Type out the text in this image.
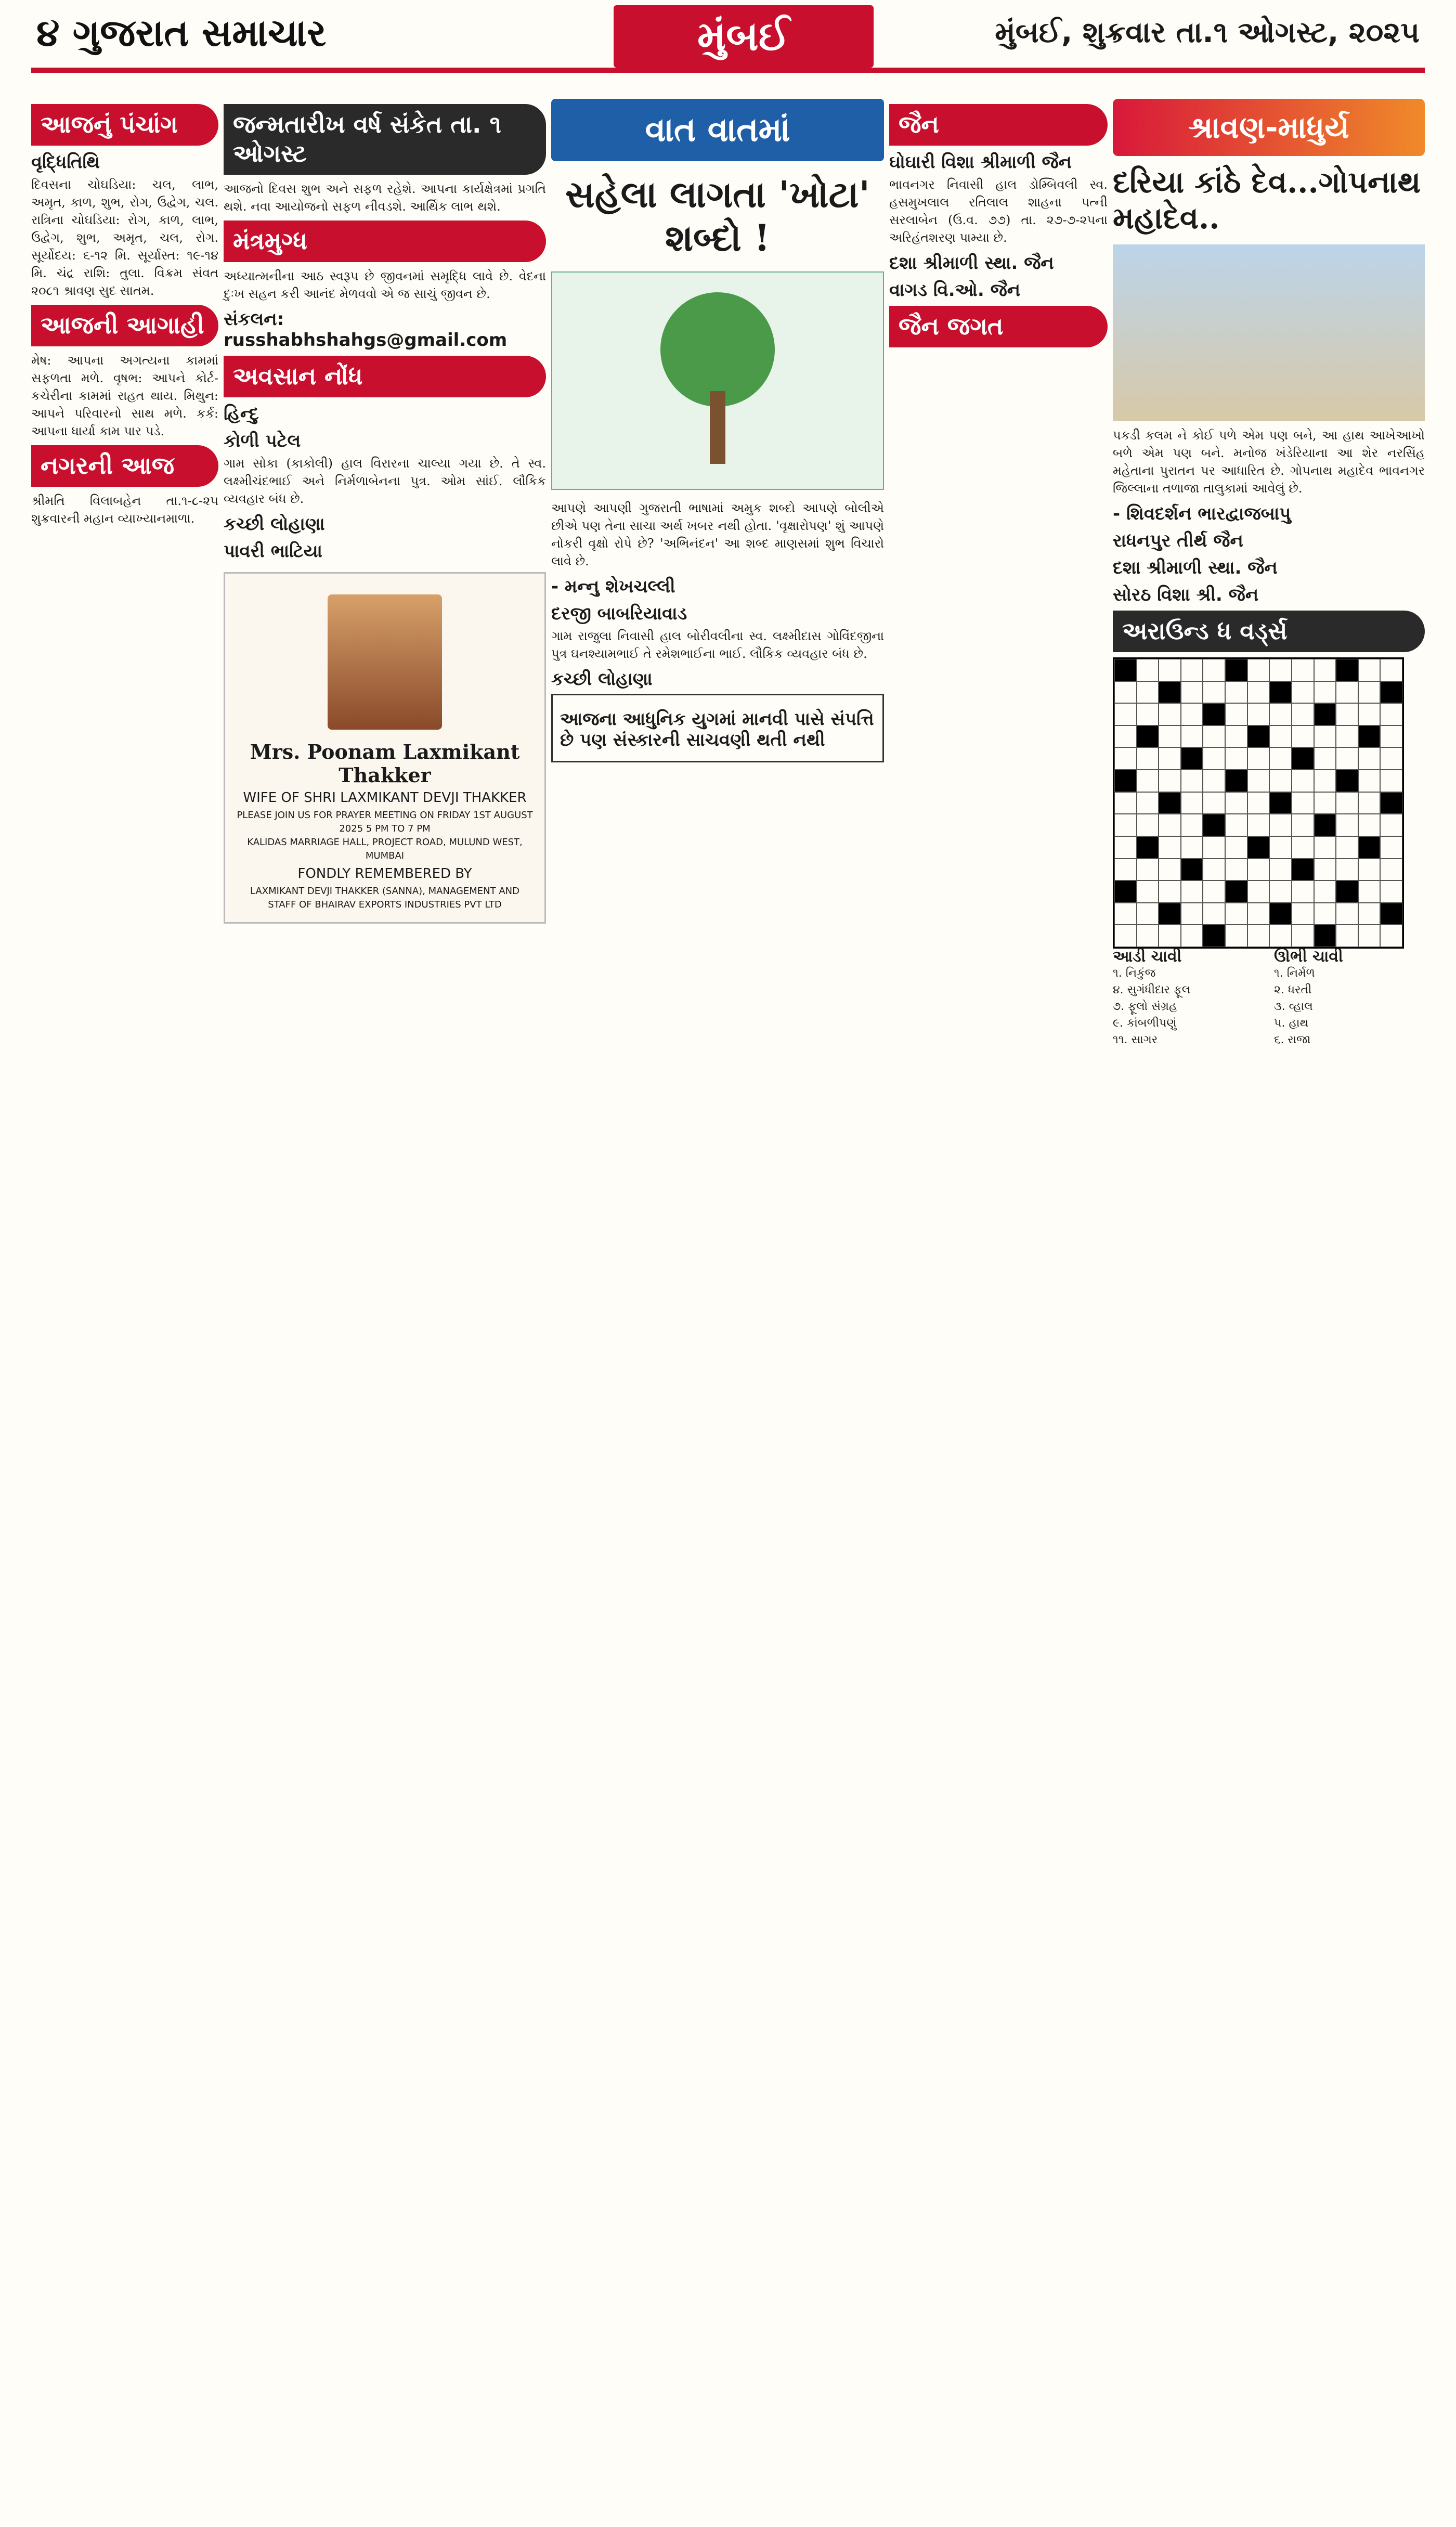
૪ ગુજરાત સમાચાર	મુંબઈ	મુંબઈ, શુક્રવાર તા.૧ ઓગસ્ટ, ૨૦૨૫
આજનું પંચાંગ
વૃદ્ધિતિથિ
દિવસના ચોઘડિયા: ચલ, લાભ, અમૃત, કાળ, શુભ, રોગ, ઉદ્વેગ, ચલ. રાત્રિના ચોઘડિયા: રોગ, કાળ, લાભ, ઉદ્વેગ, શુભ, અમૃત, ચલ, રોગ. સૂર્યોદય: ૬-૧૨ મિ. સૂર્યાસ્ત: ૧૯-૧૪ મિ. ચંદ્ર રાશિ: તુલા. વિક્રમ સંવત ૨૦૮૧ શ્રાવણ સુદ સાતમ.
આજની આગાહી
મેષ: આપના અગત્યના કામમાં સફળતા મળે. વૃષભ: આપને કોર્ટ-કચેરીના કામમાં રાહત થાય. મિથુન: આપને પરિવારનો સાથ મળે. કર્ક: આપના ધાર્યા કામ પાર પડે.
નગરની આજ
શ્રીમતિ વિલાબહેન તા.૧-૮-૨૫ શુક્રવારની મહાન વ્યાખ્યાનમાળા.
જન્મતારીખ વર્ષ સંકેત તા. ૧ ઓગસ્ટ
આજનો દિવસ શુભ અને સફળ રહેશે. આપના કાર્યક્ષેત્રમાં પ્રગતિ થશે. નવા આયોજનો સફળ નીવડશે. આર્થિક લાભ થશે.
મંત્રમુગ્ધ
અધ્યાત્મનીના આઠ સ્વરૂપ છે જીવનમાં સમૃદ્ધિ લાવે છે. વેદના દુઃખ સહન કરી આનંદ મેળવવો એ જ સાચું જીવન છે.
સંકલન: russhabhshahgs@gmail.com
અવસાન નોંધ
હિન્દુ
કોળી પટેલ
ગામ સોકા (કાકોલી) હાલ વિરારના ચાલ્યા ગયા છે. તે સ્વ. લક્ષ્મીચંદભાઈ અને નિર્મળાબેનના પુત્ર. ઓમ સાંઈ. લૌકિક વ્યવહાર બંધ છે.
કચ્છી લોહાણા
પાવરી ભાટિયા
Mrs. Poonam Laxmikant Thakker
WIFE OF SHRI LAXMIKANT DEVJI THAKKER
PLEASE JOIN US FOR PRAYER MEETING ON FRIDAY 1ST AUGUST 2025 5 PM TO 7 PM
KALIDAS MARRIAGE HALL, PROJECT ROAD, MULUND WEST, MUMBAI
FONDLY REMEMBERED BY
LAXMIKANT DEVJI THAKKER (SANNA), MANAGEMENT AND STAFF OF BHAIRAV EXPORTS INDUSTRIES PVT LTD
વાત વાતમાં
સહેલા લાગતા 'ખોટા' શબ્દો !
આપણે આપણી ગુજરાતી ભાષામાં અમુક શબ્દો આપણે બોલીએ છીએ પણ તેના સાચા અર્થ ખબર નથી હોતા. 'વૃક્ષારોપણ' શું આપણે નોકરી વૃક્ષો રોપે છે? 'અભિનંદન' આ શબ્દ માણસમાં શુભ વિચારો લાવે છે.
- મન્નુ શેખચલ્લી
દરજી બાબરિયાવાડ
ગામ રાજુલા નિવાસી હાલ બોરીવલીના સ્વ. લક્ષ્મીદાસ ગોવિંદજીના પુત્ર ઘનશ્યામભાઈ તે રમેશભાઈના ભાઈ. લૌકિક વ્યવહાર બંધ છે.
કચ્છી લોહાણા
આજના આધુનિક યુગમાં માનવી પાસે સંપત્તિ છે પણ સંસ્કારની સાચવણી થતી નથી
જૈન
ઘોઘારી વિશા શ્રીમાળી જૈન
ભાવનગર નિવાસી હાલ ડોમ્બિવલી સ્વ. હસમુખલાલ રતિલાલ શાહના પત્ની સરલાબેન (ઉ.વ. ૭૭) તા. ૨૭-૭-૨૫ના અરિહંતશરણ પામ્યા છે.
દશા શ્રીમાળી સ્થા. જૈન
વાગડ વિ.ઓ. જૈન
જૈન જગત
શ્રાવણ-માધુર્ય
દરિયા કાંઠે દેવ...ગોપનાથ મહાદેવ..
પકડી કલમ ને કોઈ પળે એમ પણ બને, આ હાથ આખેઆખો બળે એમ પણ બને. મનોજ ખંડેરિયાના આ શેર નરસિંહ મહેતાના પુરાતન પર આધારિત છે. ગોપનાથ મહાદેવ ભાવનગર જિલ્લાના તળાજા તાલુકામાં આવેલું છે.
- શિવદર્શન ભારદ્વાજબાપુ
રાધનપુર તીર્થ જૈન
દશા શ્રીમાળી સ્થા. જૈન
સોરઠ વિશા શ્રી. જૈન
અરાઉન્ડ ધ વર્ડ્સ
આડી ચાવી
૧. નિકુંજ
૪. સુગંધીદાર ફૂલ
૭. ફૂલો સંગ્રહ
૯. કાંબળીપણું
૧૧. સાગર
ઊભી ચાવી
૧. નિર્મળ
૨. ધરતી
૩. વ્હાલ
૫. હાથ
૬. રાજા
